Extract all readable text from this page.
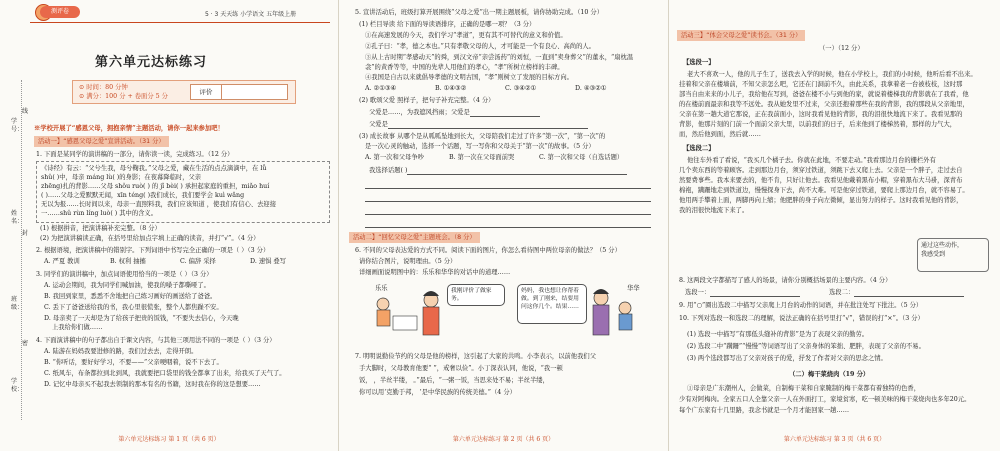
测评卷	5 · 3 天天练 小学语文 五年级上册
第六单元达标练习
⊙ 时间：80 分钟
⊙ 满分：100 分 + 卷面分 5 分
评价
学号：
姓名：
班级：
学校：
线
封
密
※学校开展了“感恩父母，拥抱亲情”主题活动，请你一起来参加吧！
活动一】“感恩父母之爱”宣讲活动。（31 分）
1. 下面是某同学的演讲稿的一部分，请你读一读，完成练习。（12 分）
《诗经》有云：“父兮生我，母兮鞠我。”父母之爱，藏在生活的点点滴滴中，在 lǚ
shǔ( )中，母亲 máng lù( )的身影；在夜幕降临时，父亲
zhēng)扎的背影……父母 shǒu ruò( ) 的 jǐ bèi( ) 承担起家庭的重担，miǎo huí
( )……父母之爱默默无闻，xīn téng( )我们成长，我们要学会 kuì wǎng
无以为报……长时间以来，母亲一直照料我，我们应该知道 ，使我们有信心、去迎接
一……shǔ rùn líng luò( ) 其中的含义。
(1) 根据拼音，把演讲稿补充完整。（8 分）
(2) 为把演讲稿读正确，在括号里给加点字填上正确的读音，并打“√”。（4 分）
2. 根据语境，把演讲稿中的错别字。下列词语中书写完全正确的一项是（ ）（3 分）
A. 严夏 教训	B. 权利 抽搐	C. 偏辞 采择	D. 速惧 叠写
3. 同学们的演讲稿中，加点词语使用恰当的一项是（ ）（3 分）
A. 运动会期间，我为同学们喊加油，使我的嗓子都嘶哑了。
B. 我回到家里，悉悉不舍地把自己练习画好的画送给了爸爸。
C. 丢下了爸爸送给我的书，我心里很慌张，整个人都焦躁不安。
D. 母亲卖了一天却是为了给孩子把贵的饭钱，“不要失去信心，今天晚
上我给你们做……
4. 下面演讲稿中的句子都出自于课文内容，与其他三项用法不同的一项是（ ）（3 分）
A. 陆游在妈妈我要进修的路，我们过去去，走得开朗。
B. “你听话，要好好学习，不要——”父亲哽咽着，说不下去了。
C. 纸风车，布条都拉到北到风，我就要把口袋里的钱全都拿了出来，给我买了天气了。
D. 记忆中母亲买不起我去领制的那本有名的书籍，这时我在你的这是想要……
第六单元达标练习 第 1 页（共 6 页）
5. 宣讲活动后，班级打算开展围绕“父母之爱”出一期主题展板，请你协助完成。（10 分）
(1) 栏目导读 给下面的导读语排序，正确的是哪一项？（3 分）
①在高速发展的今天，我们学习“孝道”，更有其不可替代的意义和价值。
②孔子曰：“孝，德之本也。”只有孝敬父母的人，才可能是一个有良心、高尚的人。
③从上古时期“孝感动天”的舜，到汉文帝“亲尝汤药”的刘恒，一直到“卖身葬父”的董永，“扇枕温
衾”的黄香等等，中国的先辈人用他们的孝心，“孝”所树立榜样的丰碑。
④我国是自古以来就倡导孝德的文明古国，“孝”则树立了发展的目标方向。
A. ②①③④	B. ①④③②	C. ③④②①	D. ④③②①
(2) 歌颂父爱 照样子，把句子补充完整。（4 分）
父爱是……，为我遮风挡雨；父爱是
父爱是
(3) 成长故事 从哪个是从呱呱坠地到长大，父母陪我们走过了许多“第一次”，“第一次”的
是一次心灵的触动，选择一个话题，写一写你和父母关于“第一次”的故事。（5 分）
A. 第一次和父母争吵	B. 第一次在父母面前哭	C. 第一次和父母（自选话题）
我选择话题( )
活动二】“回忆父母之爱”主题班会。（8 分）
6. 不同的父母表达爱的方式不同。阅读下面的图片，你怎么看待图中两位母亲的做法？（5 分）
请你结合图片，说明理由。（5 分）
详细画面说明图中的：乐乐和华华的对话中的道理……
乐乐	华华
我刚评价了做家务。
妈妈，我也想让你帮着做。到了刚来，结要用问这你几个。结果……
7. 明明说勤俭节约的父母是他的榜样，这引起了大家的共鸣。小李表示，以前他我们父
手大脚时，父母教育他要“ ”，戒奢以俭”。小丁深表认同，他说，“我一顿
饭， ，半丝半缕， 。”最后，“一粥一饭，当思来处不易；半丝半缕，
你可以用‘克勤于邦， ’是中华民族的传统美德。”（4 分）
第六单元达标练习 第 2 页（共 6 页）
活动三】“体会父母之爱”读书会。（31 分）
（一）（12 分）
【选段一】
老大不喜欢一人，他的儿子生了，送我去入学的时候，他在小学校上，我们的小时候，他听后看不出来。
挂着和父亲在楼墙前，不知父亲怎么吧，它还在门洞前不久，由此关系，我拿着老一台被枝枝，这时那
部当自由来来的小儿子，我给他在写到，爸爸在楼不小与到他的家，就说着楼梯我的背影就在了我看，他
的在楼前面最亲和我等不远处。我从她发里不过来，父亲还抱着那些在我的背影，我的那段从父亲地里，
父亲在第一趟大道它那说，正在我前面小，这时我看见他的背影，我的泪很快地流下来了。我看见那的
背影，他那片刻的门前一个面前父亲大里，以前我们的日子，后来他到了楼梯然着，那样的力气大，
而，然后他到面，然后就……
【选段二】
他往车外看了看说，“我买几个橘子去。你就在此地，不要走动。”我看那边月台的栅栏外有
几个卖东西的等着顾客。走到那边月台，须穿过铁道，须跳下去又爬上去。父亲是一个胖子，走过去自
然要费事些。我本来要去的，他不肯，只好让他去。我看见他戴着黑布小帽，穿着黑布大马褂，深青布
棉袍，蹒跚地走到铁道边，慢慢探身下去，尚不大难。可是他穿过铁道，要爬上那边月台，就不容易了。
他用两手攀着上面，两脚再向上缩；他肥胖的身子向左微倾，显出努力的样子。这时我看见他的背影，
我的泪很快地流下来了。
通过这些动作，
我感受到
8. 这两段文字都描写了感人的场景，请你分别概括场景的主要内容。（4 分）
选段一：	选段二：
9. 用“○”圈出选段二中描写父亲爬上月台的动作的词语，并在批注处写下批注。（5 分）
10. 下列对选段一和选段二的理解，说法正确的在括号里打“√”，错误的打“×”。（3 分）
(1) 选段一中描写“有那低头缝补的背影”是为了表现父亲的勤劳。
(2) 选段二中“蹒跚”“慢慢”等词语写出了父亲身体的笨拙、肥胖，表现了父亲的不易。
(3) 两个选段都写出了父亲对孩子的爱，抒发了作者对父亲的思念之情。
（二）梅干菜烧肉（19 分）
①母亲是广东潮州人，会做菜，自制梅干菜和自家腌制的梅干菜都有着独特的色香，
少有对阿梅肉。全家五口人全靠父亲一人在外面打工，家境贫寒，吃一顿美味的梅干菜烧肉也多年20元。
每个广东家有十几里路，我念书就是一个月才能回家一趟……
第六单元达标练习 第 3 页（共 6 页）
